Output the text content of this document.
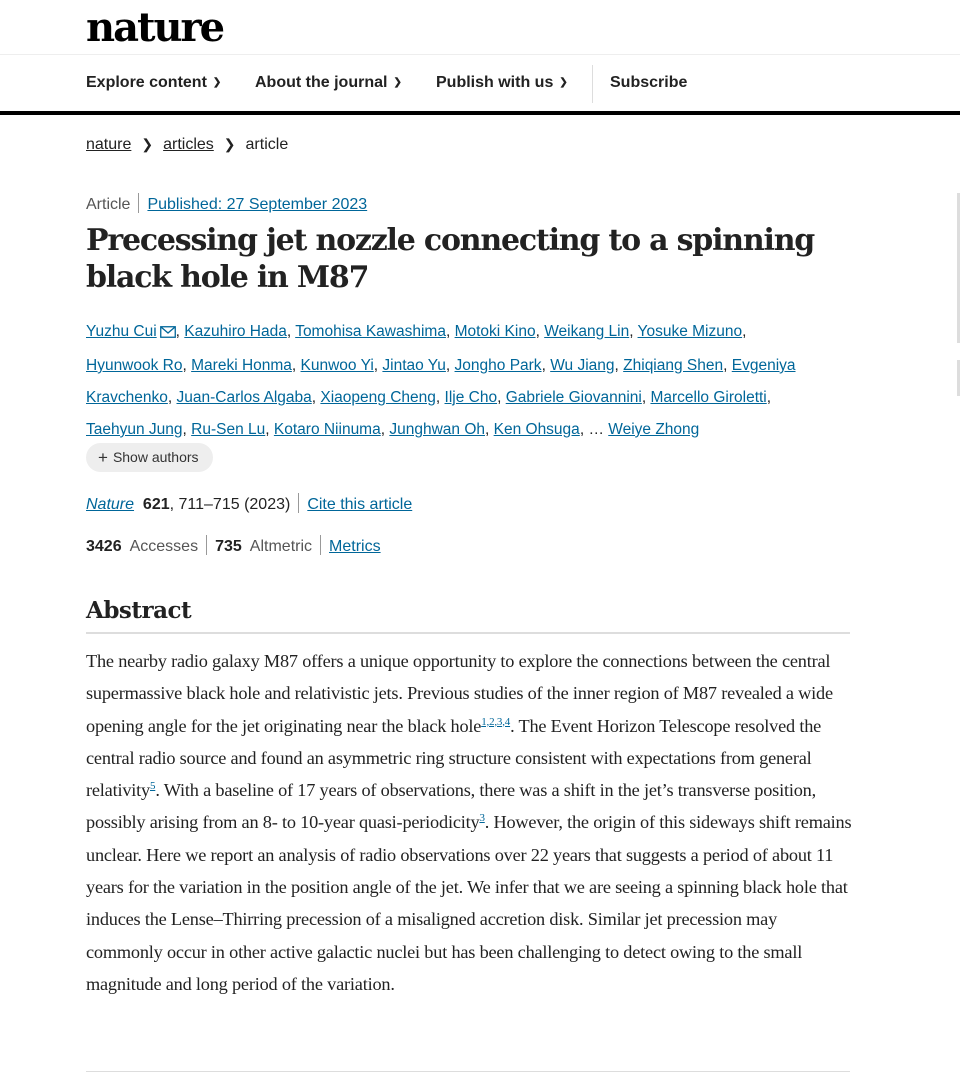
nature
Explore content ❯ About the journal ❯ Publish with us ❯	Subscribe
nature ❯ articles ❯ article
Article Published: 27 September 2023
Precessing jet nozzle connecting to a spinning black hole in M87
Yuzhu Cui , Kazuhiro Hada, Tomohisa Kawashima, Motoki Kino, Weikang Lin, Yosuke Mizuno,
Hyunwook Ro, Mareki Honma, Kunwoo Yi, Jintao Yu, Jongho Park, Wu Jiang, Zhiqiang Shen, Evgeniya Kravchenko, Juan-Carlos Algaba, Xiaopeng Cheng, Ilje Cho, Gabriele Giovannini, Marcello Giroletti,
Taehyun Jung, Ru-Sen Lu, Kotaro Niinuma, Junghwan Oh, Ken Ohsuga, … Weiye Zhong
+ Show authors
Nature 621, 711–715 (2023) Cite this article
3426 Accesses 735 Altmetric Metrics
Abstract

The nearby radio galaxy M87 offers a unique opportunity to explore the connections between the central supermassive black hole and relativistic jets. Previous studies of the inner region of M87 revealed a wide opening angle for the jet originating near the black hole$^{1,2,3,4}$. The Event Horizon Telescope resolved the central radio source and found an asymmetric ring structure consistent with expectations from general relativity$^5$. With a baseline of 17 years of observations, there was a shift in the jet’s transverse position, possibly arising from an 8- to 10-year quasi-periodicity$^3$. However, the origin of this sideways shift remains unclear. Here we report an analysis of radio observations over 22 years that suggests a period of about 11 years for the variation in the position angle of the jet. We infer that we are seeing a spinning black hole that induces the Lense–Thirring precession of a misaligned accretion disk. Similar jet precession may commonly occur in other active galactic nuclei but has been challenging to detect owing to the small magnitude and long period of the variation.
